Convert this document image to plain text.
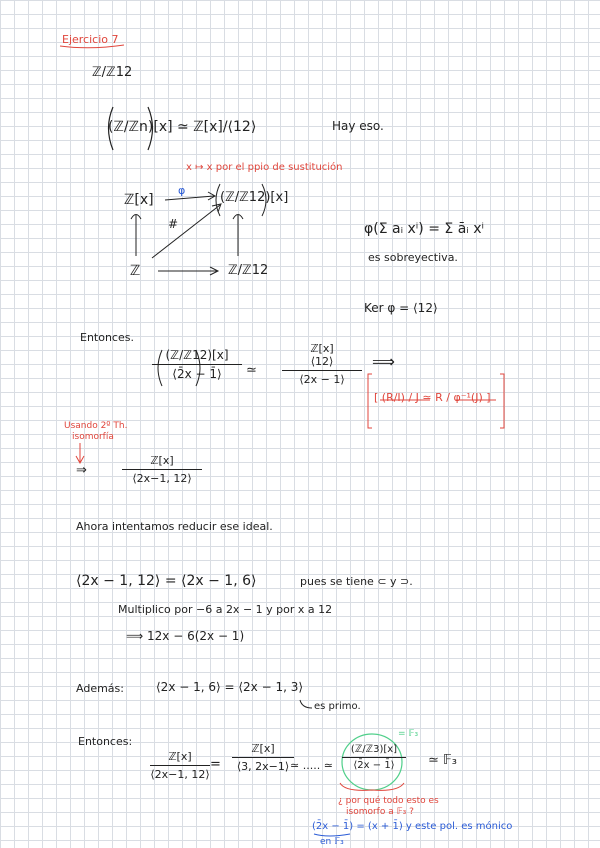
Ejercicio 7
ℤ/ℤ12
(ℤ/ℤn)[x] ≃ ℤ[x]/⟨12⟩	Hay eso.
x ↦ x por el ppio de sustitución
ℤ[x]
φ	(ℤ/ℤ12)[x]
#
ℤ	ℤ/ℤ12
φ(Σ aᵢ xⁱ) = Σ āᵢ xⁱ
es sobreyectiva.
Ker φ = ⟨12⟩
Entonces.
(ℤ/ℤ12)[x]
⟨2̄x − 1̄⟩	≃
ℤ[x]
⟨12⟩
⟨2x − 1⟩
⟹
[ (R/I) / J ≃ R / φ⁻¹(J) ]
Usando 2º Th.
isomorfía
⇒
ℤ[x]
⟨2x−1, 12⟩
Ahora intentamos reducir ese ideal.
⟨2x − 1, 12⟩ = ⟨2x − 1, 6⟩	pues se tiene ⊂ y ⊃.
Multiplico por −6 a 2x − 1 y por x a 12
⟹ 12x − 6(2x − 1)
Además:	⟨2x − 1, 6⟩ = ⟨2x − 1, 3⟩
es primo.
Entonces:
ℤ[x]
⟨2x−1, 12⟩
=
ℤ[x]
⟨3, 2x−1⟩ ≃ ..... ≃
(ℤ/ℤ3)[x]
⟨2̄x − 1̄⟩
= 𝔽₃
≃ 𝔽₃
¿ por qué todo esto es
isomorfo a 𝔽₃ ?
(2̄x − 1̄) = (x + 1̄) y este pol. es mónico
en 𝔽₃
